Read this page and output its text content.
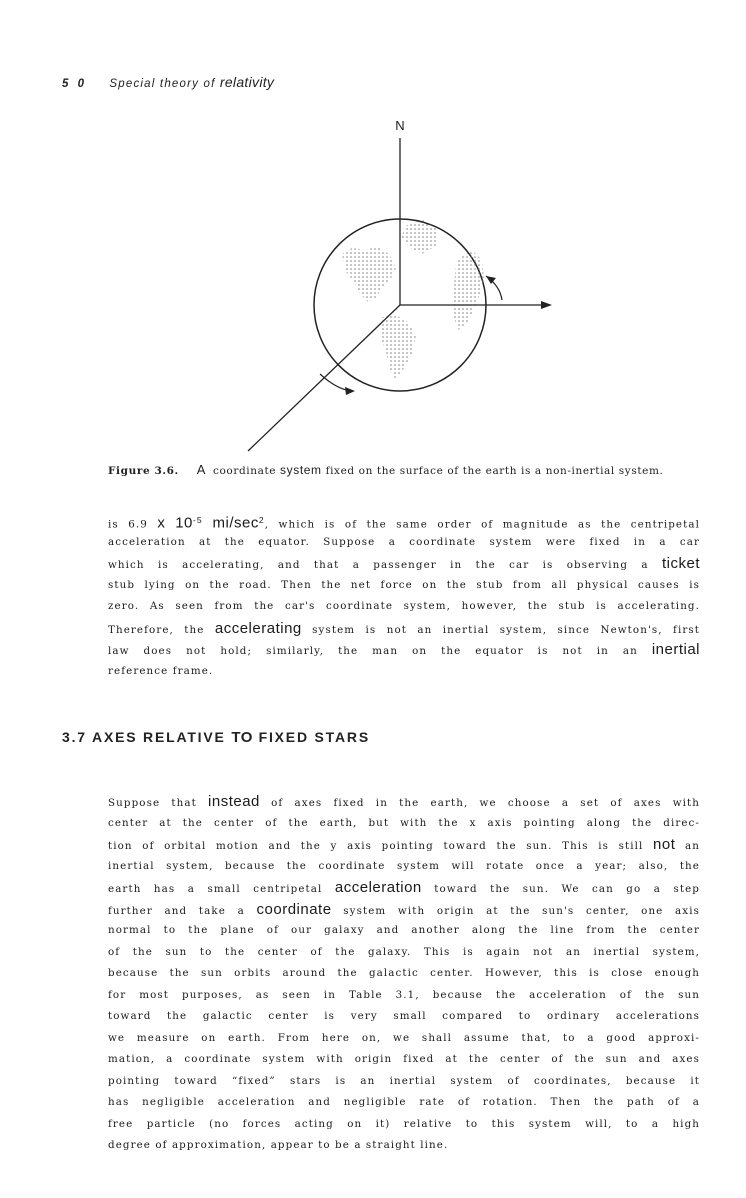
5 0 Special theory of relativity
N
Figure 3.6. A coordinate system fixed on the surface of the earth is a non-inertial system.
is 6.9 x $10^{-5}$ $mi/\sec^2$, which is of the same order of magnitude as the centripetal
acceleration at the equator. Suppose a coordinate system were fixed in a car
which is accelerating, and that a passenger in the car is observing a ticket
stub lying on the road. Then the net force on the stub from all physical causes is
zero. As seen from the car's coordinate system, however, the stub is accelerating.
Therefore, the accelerating system is not an inertial system, since Newton's, first
law does not hold; similarly, the man on the equator is not in an inertial
reference frame.
3.7 AXES RELATIVE TO FIXED STARS
Suppose that instead of axes fixed in the earth, we choose a set of axes with
center at the center of the earth, but with the x axis pointing along the direc-
tion of orbital motion and the y axis pointing toward the sun. This is still not an
inertial system, because the coordinate system will rotate once a year; also, the
earth has a small centripetal acceleration toward the sun. We can go a step
further and take a coordinate system with origin at the sun's center, one axis
normal to the plane of our galaxy and another along the line from the center
of the sun to the center of the galaxy. This is again not an inertial system,
because the sun orbits around the galactic center. However, this is close enough
for most purposes, as seen in Table 3.1, because the acceleration of the sun
toward the galactic center is very small compared to ordinary accelerations
we measure on earth. From here on, we shall assume that, to a good approxi-
mation, a coordinate system with origin fixed at the center of the sun and axes
pointing toward “fixed” stars is an inertial system of coordinates, because it
has negligible acceleration and negligible rate of rotation. Then the path of a
free particle (no forces acting on it) relative to this system will, to a high
degree of approximation, appear to be a straight line.
